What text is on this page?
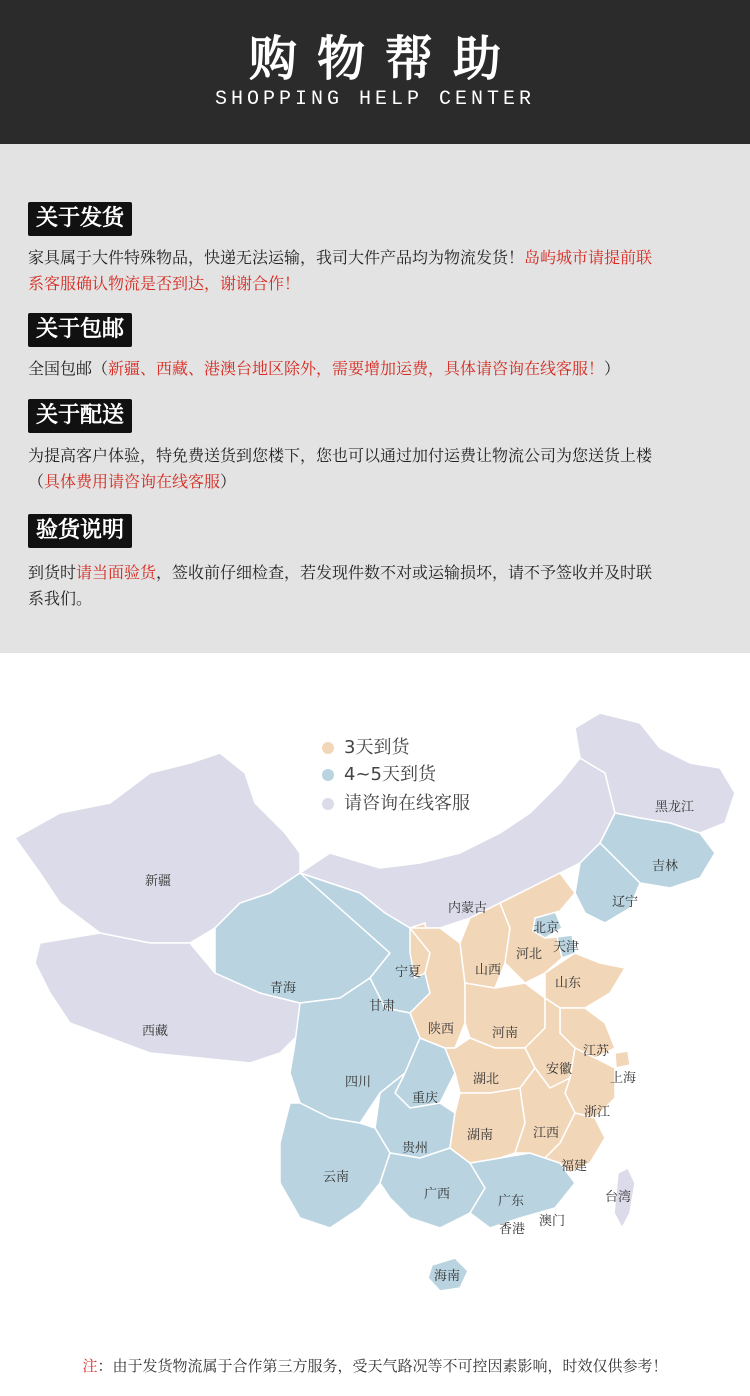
购物帮助
SHOPPING HELP CENTER
关于发货
家具属于大件特殊物品，快递无法运输，我司大件产品均为物流发货！岛屿城市请提前联
系客服确认物流是否到达，谢谢合作！
关于包邮
全国包邮（新疆、西藏、港澳台地区除外，需要增加运费，具体请咨询在线客服！）
关于配送
为提高客户体验，特免费送货到您楼下，您也可以通过加付运费让物流公司为您送货上楼
（具体费用请咨询在线客服）
验货说明
到货时请当面验货，签收前仔细检查，若发现件数不对或运输损坏，请不予签收并及时联
系我们。
新疆
西藏
青海
甘肃
内蒙古
黑龙江
吉林
辽宁
北京
天津
河北
山西
宁夏
山东
陕西	河南
江苏
上海
安徽
湖北
四川
重庆
浙江
湖南	江西
贵州
福建
云南
广西	广东	台湾
香港
澳门
海南
3天到货
4~5天到货
请咨询在线客服
注：由于发货物流属于合作第三方服务，受天气路况等不可控因素影响，时效仅供参考！
